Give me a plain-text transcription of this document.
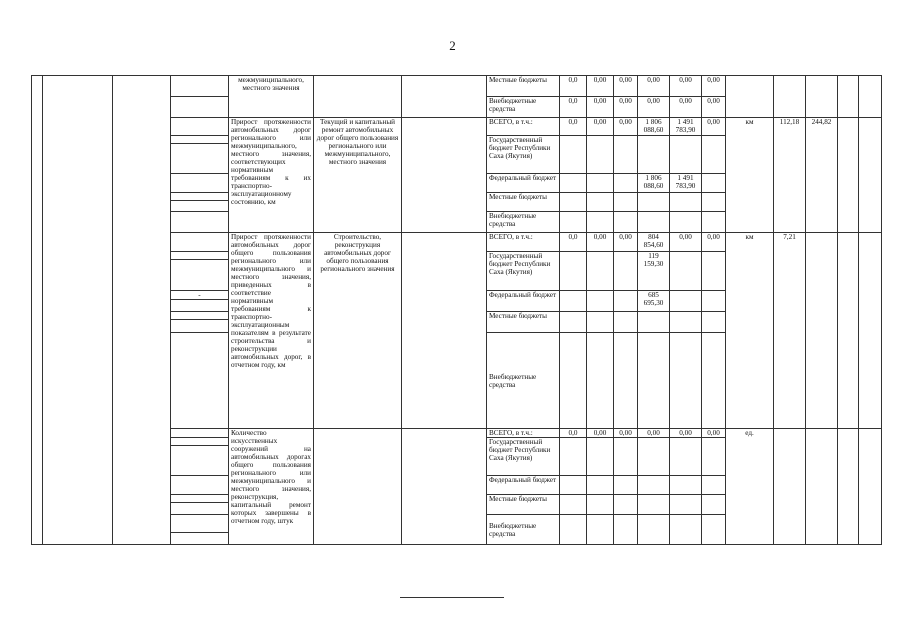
2
				межмуниципального, местного значения			Местные бюджеты	0,0	0,00	0,00	0,00	0,00	0,00					
							Внебюджетные средства	0,0	0,00	0,00	0,00	0,00	0,00					
				Прирост протяженности автомобильных дорог регионального или межмуниципального, местного значения, соответствующих нормативным требованиям к их транспортно-эксплуатационному состоянию, км	Текущий и капитальный ремонт автомобильных дорог общего пользования регионального или межмуниципального, местного значения		ВСЕГО, в т.ч.:	0,0	0,00	0,00	1 806 088,60	1 491 783,90	0,00	км	112,18	244,82		
							Государственный бюджет Республики Саха (Якутия)											

							Федеральный бюджет				1 806 088,60	1 491 783,90						
							Местные бюджеты											

							Внебюджетные средства											
				Прирост протяженности автомобильных дорог общего пользования регионального или межмуниципального и местного значения, приведенных в соответствие нормативным требованиям к транспортно-эксплуатационным показателям в результате строительства и реконструкции автомобильных дорог, в отчетном году, км	Строительство, реконструкция автомобильных дорог общего пользования регионального значения		ВСЕГО, в т.ч.:	0,0	0,00	0,00	804 854,60	0,00	0,00	км	7,21			
							Государственный бюджет Республики Саха (Якутия)				119 159,30							

			-				Федеральный бюджет				685 695,30							

							Местные бюджеты											

							Внебюджетные средства											
				Количество искусственных сооружений на автомобильных дорогах общего пользования регионального или межмуниципального и местного значения, реконструкция, капитальный ремонт которых завершены в отчетном году, штук			ВСЕГО, в т.ч.:	0,0	0,00	0,00	0,00	0,00	0,00	ед.				
							Государственный бюджет Республики Саха (Якутия)											

							Федеральный бюджет											
							Местные бюджеты											

							Внебюджетные средства											
